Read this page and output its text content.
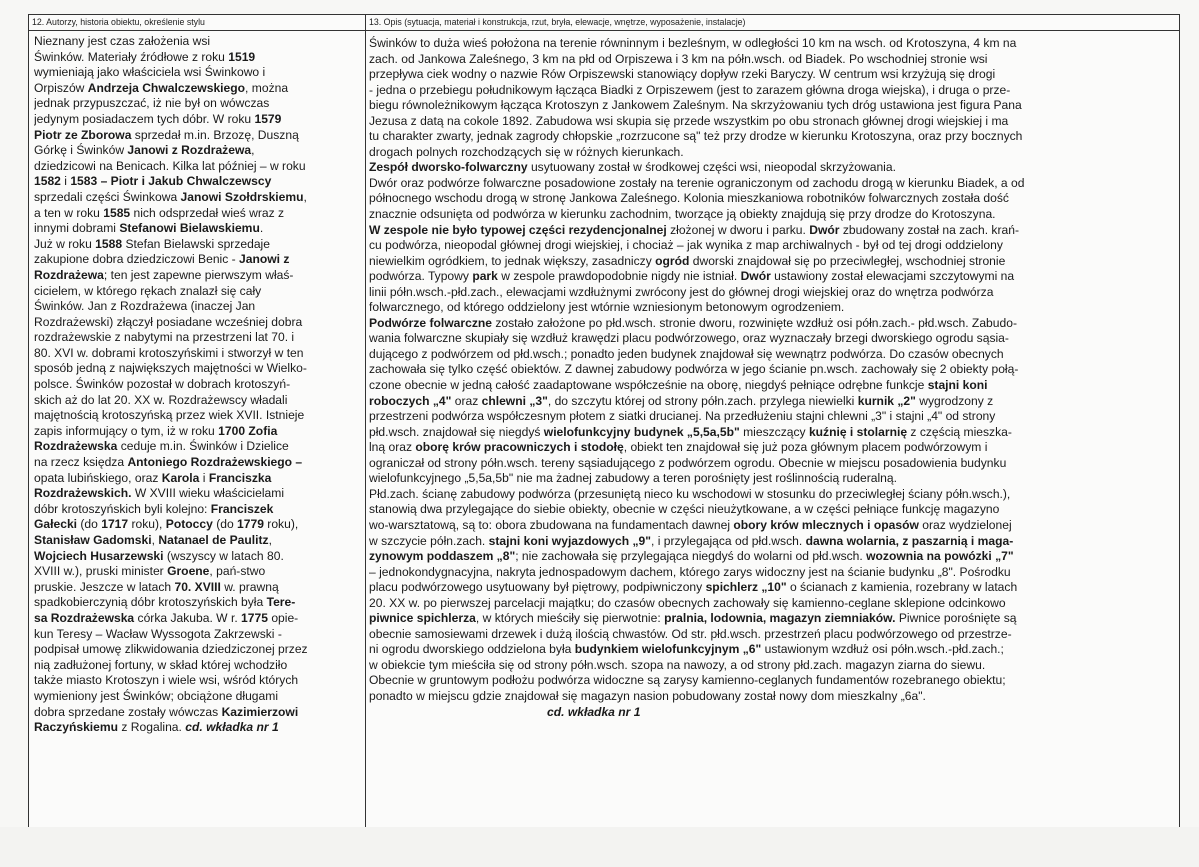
12. Autorzy, historia obiektu, określenie stylu
Nieznany jest czas założenia wsi
Świnków. Materiały źródłowe z roku 1519
wymieniają jako właściciela wsi Świnkowo i
Orpiszów Andrzeja Chwalczewskiego, można
jednak przypuszczać, iż nie był on wówczas
jedynym posiadaczem tych dóbr. W roku 1579
Piotr ze Zborowa sprzedał m.in. Brzozę, Duszną
Górkę i Świnków Janowi z Rozdrażewa,
dziedzicowi na Benicach. Kilka lat później – w roku
1582 i 1583 – Piotr i Jakub Chwalczewscy
sprzedali części Świnkowa Janowi Szołdrskiemu,
a ten w roku 1585 nich odsprzedał wieś wraz z
innymi dobrami Stefanowi Bielawskiemu.
Już w roku 1588 Stefan Bielawski sprzedaje
zakupione dobra dziedziczowi Benic - Janowi z
Rozdrażewa; ten jest zapewne pierwszym właś-
cicielem, w którego rękach znalazł się cały
Świnków. Jan z Rozdrażewa (inaczej Jan
Rozdrażewski) złączył posiadane wcześniej dobra
rozdrażewskie z nabytymi na przestrzeni lat 70. i
80. XVI w. dobrami krotoszyńskimi i stworzył w ten
sposób jedną z największych majętności w Wielko-
polsce. Świnków pozostał w dobrach krotoszyń-
skich aż do lat 20. XX w. Rozdrażewscy władali
majętnością krotoszyńską przez wiek XVII. Istnieje
zapis informujący o tym, iż w roku 1700 Zofia
Rozdrażewska ceduje m.in. Świnków i Dzielice
na rzecz księdza Antoniego Rozdrażewskiego –
opata lubińskiego, oraz Karola i Franciszka
Rozdrażewskich. W XVIII wieku właścicielami
dóbr krotoszyńskich byli kolejno: Franciszek
Gałecki (do 1717 roku), Potoccy (do 1779 roku),
Stanisław Gadomski, Natanael de Paulitz,
Wojciech Husarzewski (wszyscy w latach 80.
XVIII w.), pruski minister Groene, pań-stwo
pruskie. Jeszcze w latach 70. XVIII w. prawną
spadkobierczynią dóbr krotoszyńskich była Tere-
sa Rozdrażewska córka Jakuba. W r. 1775 opie-
kun Teresy – Wacław Wyssogota Zakrzewski -
podpisał umowę zlikwidowania dziedziczonej przez
nią zadłużonej fortuny, w skład której wchodziło
także miasto Krotoszyn i wiele wsi, wśród których
wymieniony jest Świnków; obciążone długami
dobra sprzedane zostały wówczas Kazimierzowi
Raczyńskiemu z Rogalina. cd. wkładka nr 1
13. Opis (sytuacja, materiał i konstrukcja, rzut, bryła, elewacje, wnętrze, wyposażenie, instalacje)
Świnków to duża wieś położona na terenie równinnym i bezleśnym, w odległości 10 km na wsch. od Krotoszyna, 4 km na
zach. od Jankowa Zaleśnego, 3 km na płd od Orpiszewa i 3 km na półn.wsch. od Biadek. Po wschodniej stronie wsi
przepływa ciek wodny o nazwie Rów Orpiszewski stanowiący dopływ rzeki Baryczy. W centrum wsi krzyżują się drogi
- jedna o przebiegu południkowym łącząca Biadki z Orpiszewem (jest to zarazem główna droga wiejska), i druga o prze-
biegu równoleżnikowym łącząca Krotoszyn z Jankowem Zaleśnym. Na skrzyżowaniu tych dróg ustawiona jest figura Pana
Jezusa z datą na cokole 1892. Zabudowa wsi skupia się przede wszystkim po obu stronach głównej drogi wiejskiej i ma
tu charakter zwarty, jednak zagrody chłopskie „rozrzucone są" też przy drodze w kierunku Krotoszyna, oraz przy bocznych
drogach polnych rozchodzących się w różnych kierunkach.
Zespół dworsko-folwarczny usytuowany został w środkowej części wsi, nieopodal skrzyżowania.
Dwór oraz podwórze folwarczne posadowione zostały na terenie ograniczonym od zachodu drogą w kierunku Biadek, a od
północnego wschodu drogą w stronę Jankowa Zaleśnego. Kolonia mieszkaniowa robotników folwarcznych została dość
znacznie odsunięta od podwórza w kierunku zachodnim, tworzące ją obiekty znajdują się przy drodze do Krotoszyna.
W zespole nie było typowej części rezydencjonalnej złożonej w dworu i parku. Dwór zbudowany został na zach. krań-
cu podwórza, nieopodal głównej drogi wiejskiej, i chociaż – jak wynika z map archiwalnych - był od tej drogi oddzielony
niewielkim ogródkiem, to jednak większy, zasadniczy ogród dworski znajdował się po przeciwległej, wschodniej stronie
podwórza. Typowy park w zespole prawdopodobnie nigdy nie istniał. Dwór ustawiony został elewacjami szczytowymi na
linii półn.wsch.-płd.zach., elewacjami wzdłużnymi zwrócony jest do głównej drogi wiejskiej oraz do wnętrza podwórza
folwarcznego, od którego oddzielony jest wtórnie wzniesionym betonowym ogrodzeniem.
Podwórze folwarczne zostało założone po płd.wsch. stronie dworu, rozwinięte wzdłuż osi półn.zach.- płd.wsch. Zabudo-
wania folwarczne skupiały się wzdłuż krawędzi placu podwórzowego, oraz wyznaczały brzegi dworskiego ogrodu sąsia-
dującego z podwórzem od płd.wsch.; ponadto jeden budynek znajdował się wewnątrz podwórza. Do czasów obecnych
zachowała się tylko część obiektów. Z dawnej zabudowy podwórza w jego ścianie pn.wsch. zachowały się 2 obiekty połą-
czone obecnie w jedną całość zaadaptowane współcześnie na oborę, niegdyś pełniące odrębne funkcje stajni koni
roboczych „4" oraz chlewni „3", do szczytu której od strony półn.zach. przylega niewielki kurnik „2" wygrodzony z
przestrzeni podwórza współczesnym płotem z siatki drucianej. Na przedłużeniu stajni chlewni „3" i stajni „4" od strony
płd.wsch. znajdował się niegdyś wielofunkcyjny budynek „5,5a,5b" mieszczący kuźnię i stolarnię z częścią mieszka-
lną oraz oborę krów pracowniczych i stodołę, obiekt ten znajdował się już poza głównym placem podwórzowym i
ograniczał od strony półn.wsch. tereny sąsiadującego z podwórzem ogrodu. Obecnie w miejscu posadowienia budynku
wielofunkcyjnego „5,5a,5b" nie ma żadnej zabudowy a teren porośnięty jest roślinnością ruderalną.
Płd.zach. ścianę zabudowy podwórza (przesuniętą nieco ku wschodowi w stosunku do przeciwległej ściany półn.wsch.),
stanowią dwa przylegające do siebie obiekty, obecnie w części nieużytkowane, a w części pełniące funkcję magazyno
wo-warsztatową, są to: obora zbudowana na fundamentach dawnej obory krów mlecznych i opasów oraz wydzielonej
w szczycie półn.zach. stajni koni wyjazdowych „9", i przylegająca od płd.wsch. dawna wolarnia, z paszarnią i maga-
zynowym poddaszem „8"; nie zachowała się przylegająca niegdyś do wolarni od płd.wsch. wozownia na powózki „7"
– jednokondygnacyjna, nakryta jednospadowym dachem, którego zarys widoczny jest na ścianie budynku „8". Pośrodku
placu podwórzowego usytuowany był piętrowy, podpiwniczony spichlerz „10" o ścianach z kamienia, rozebrany w latach
20. XX w. po pierwszej parcelacji majątku; do czasów obecnych zachowały się kamienno-ceglane sklepione odcinkowo
piwnice spichlerza, w których mieściły się pierwotnie: pralnia, lodownia, magazyn ziemniaków. Piwnice porośnięte są
obecnie samosiewami drzewek i dużą ilością chwastów. Od str. płd.wsch. przestrzeń placu podwórzowego od przestrze-
ni ogrodu dworskiego oddzielona była budynkiem wielofunkcyjnym „6" ustawionym wzdłuż osi półn.wsch.-płd.zach.;
w obiekcie tym mieściła się od strony półn.wsch. szopa na nawozy, a od strony płd.zach. magazyn ziarna do siewu.
Obecnie w gruntowym podłożu podwórza widoczne są zarysy kamienno-ceglanych fundamentów rozebranego obiektu;
ponadto w miejscu gdzie znajdował się magazyn nasion pobudowany został nowy dom mieszkalny „6a".
cd. wkładka nr 1
